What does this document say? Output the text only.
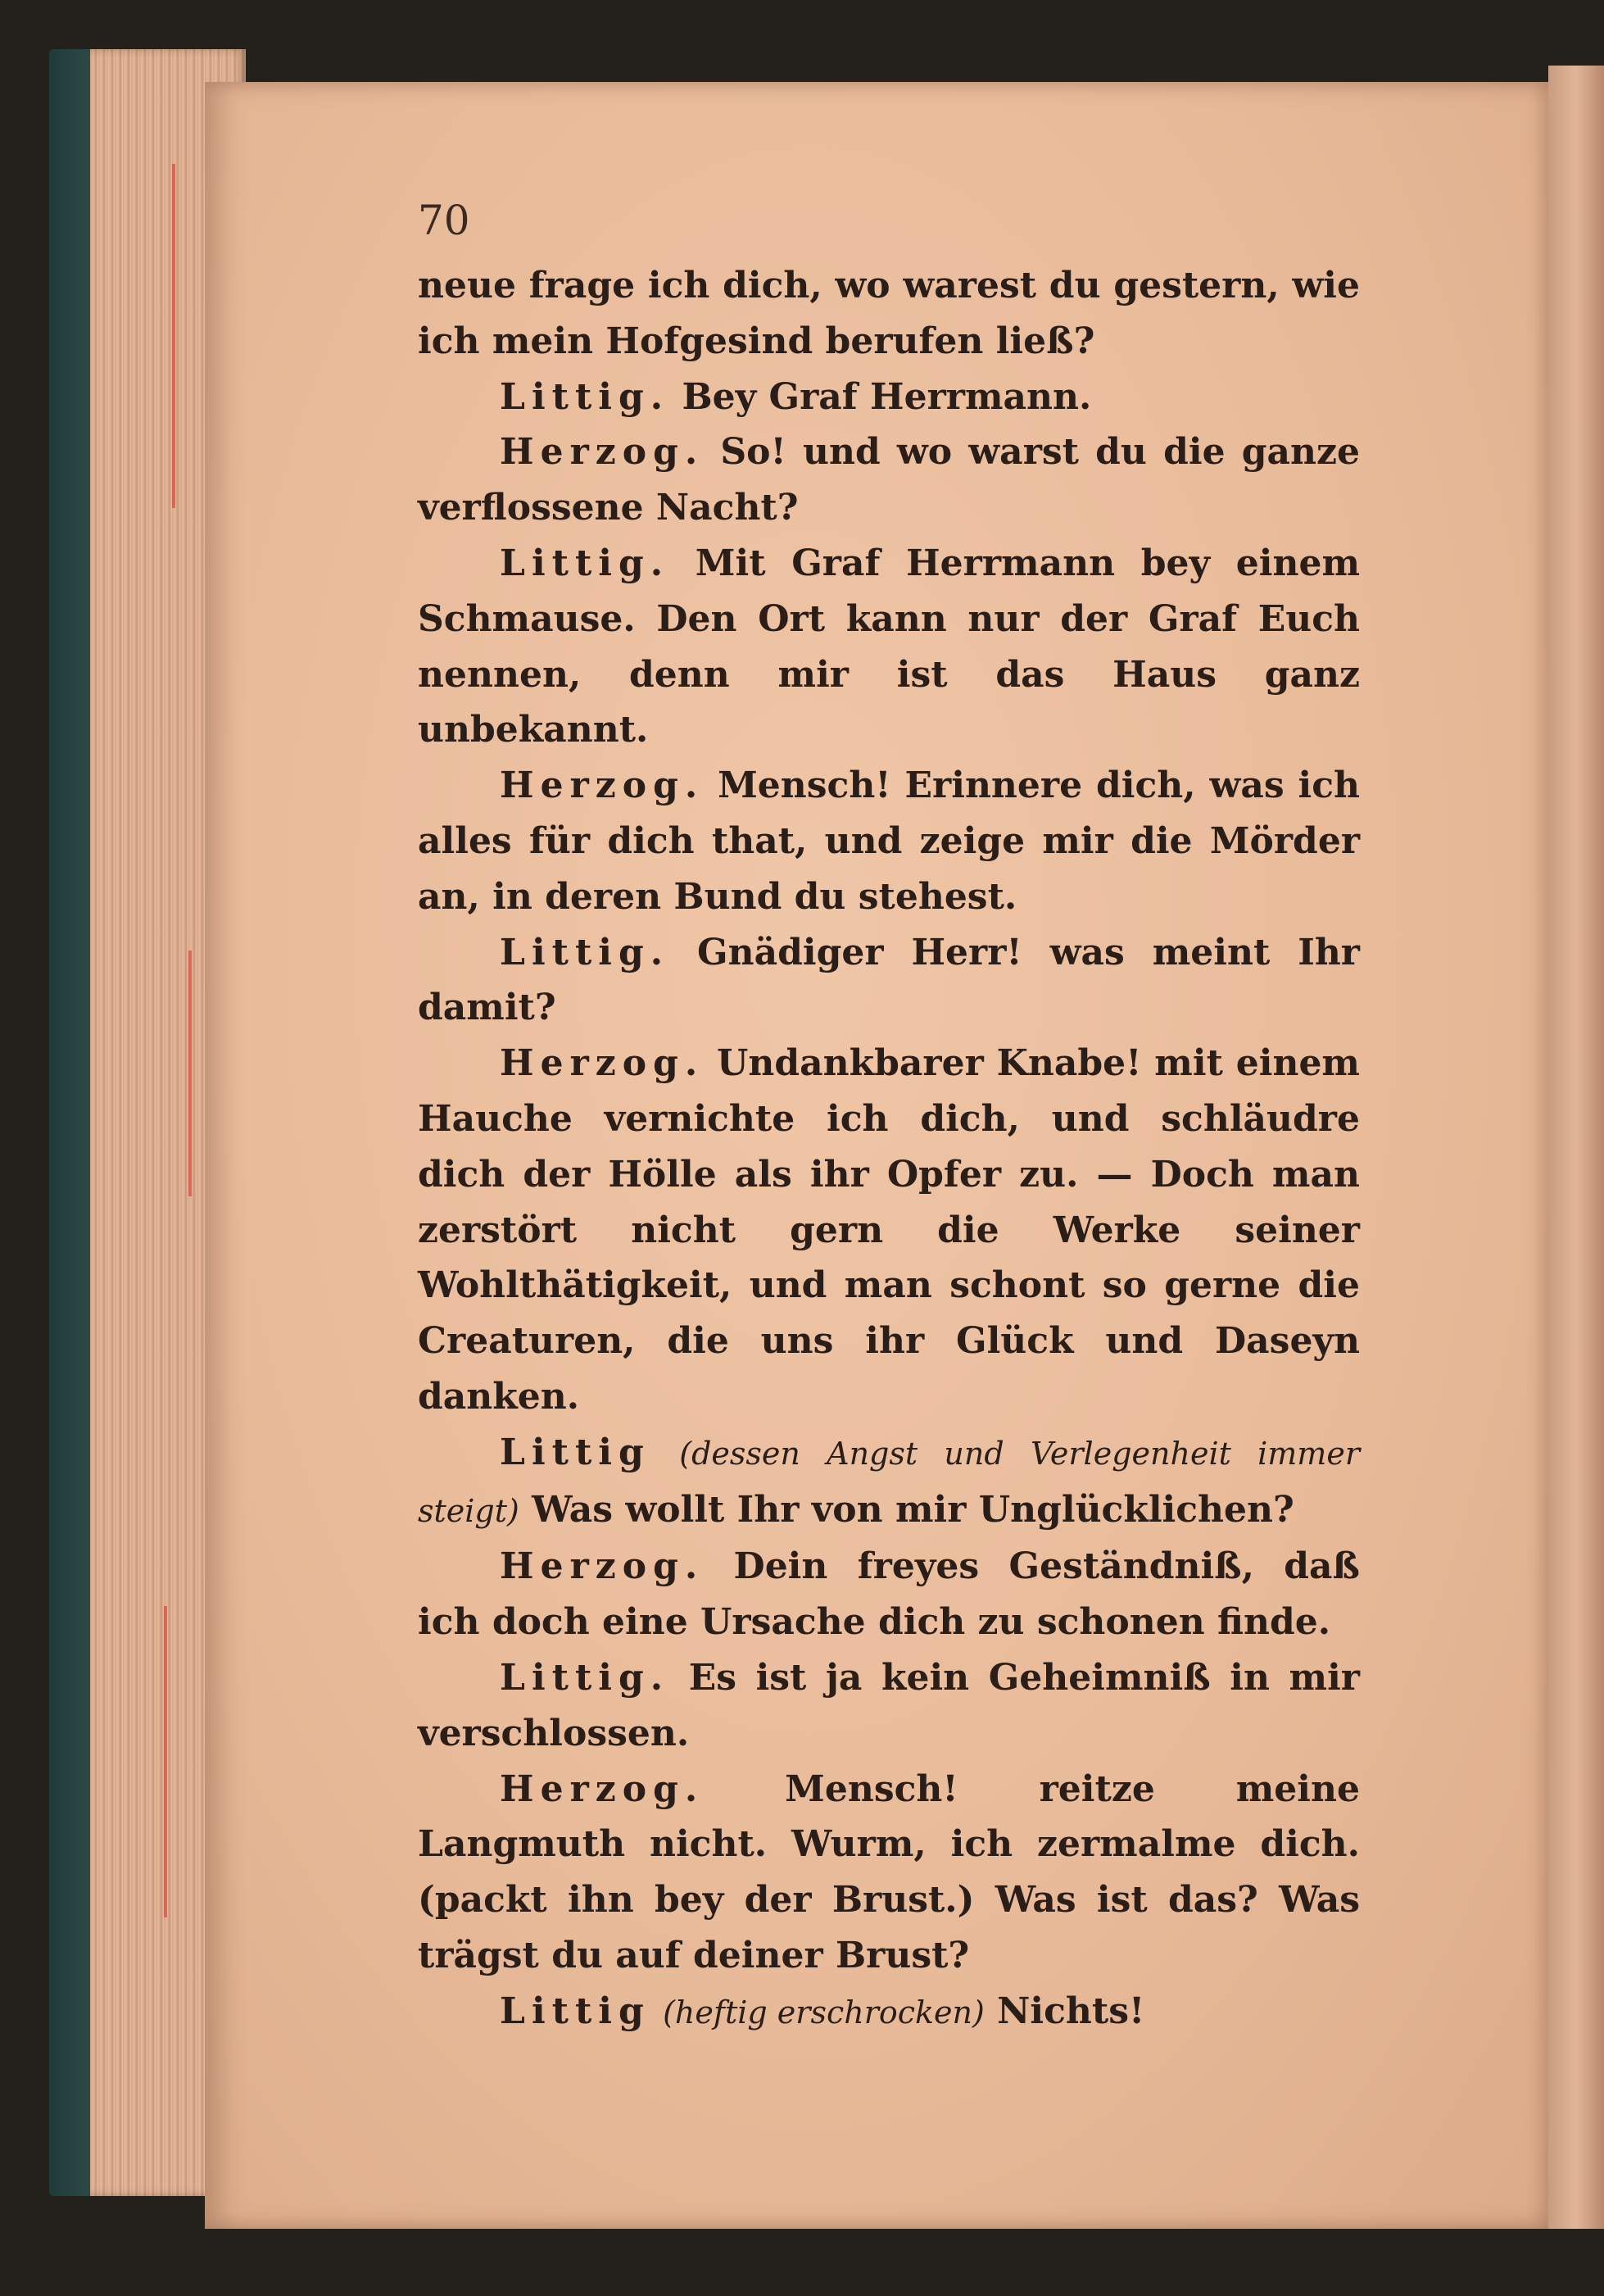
70

neue frage ich dich, wo warest du gestern, wie ich mein Hofgesind berufen ließ?

Littig. Bey Graf Herrmann.

Herzog. So! und wo warst du die ganze verflossene Nacht?

Littig. Mit Graf Herrmann bey einem Schmause. Den Ort kann nur der Graf Euch nennen, denn mir ist das Haus ganz unbekannt.

Herzog. Mensch! Erinnere dich, was ich alles für dich that, und zeige mir die Mörder an, in deren Bund du stehest.

Littig. Gnädiger Herr! was meint Ihr damit?

Herzog. Undankbarer Knabe! mit einem Hauche vernichte ich dich, und schläudre dich der Hölle als ihr Opfer zu. — Doch man zerstört nicht gern die Werke seiner Wohlthätigkeit, und man schont so gerne die Creaturen, die uns ihr Glück und Daseyn danken.

Littig (dessen Angst und Verlegenheit immer steigt) Was wollt Ihr von mir Unglücklichen?

Herzog. Dein freyes Geständniß, daß ich doch eine Ursache dich zu schonen finde.

Littig. Es ist ja kein Geheimniß in mir verschlossen.

Herzog. Mensch! reitze meine Langmuth nicht. Wurm, ich zermalme dich. (packt ihn bey der Brust.) Was ist das? Was trägst du auf deiner Brust?

Littig (heftig erschrocken) Nichts!
